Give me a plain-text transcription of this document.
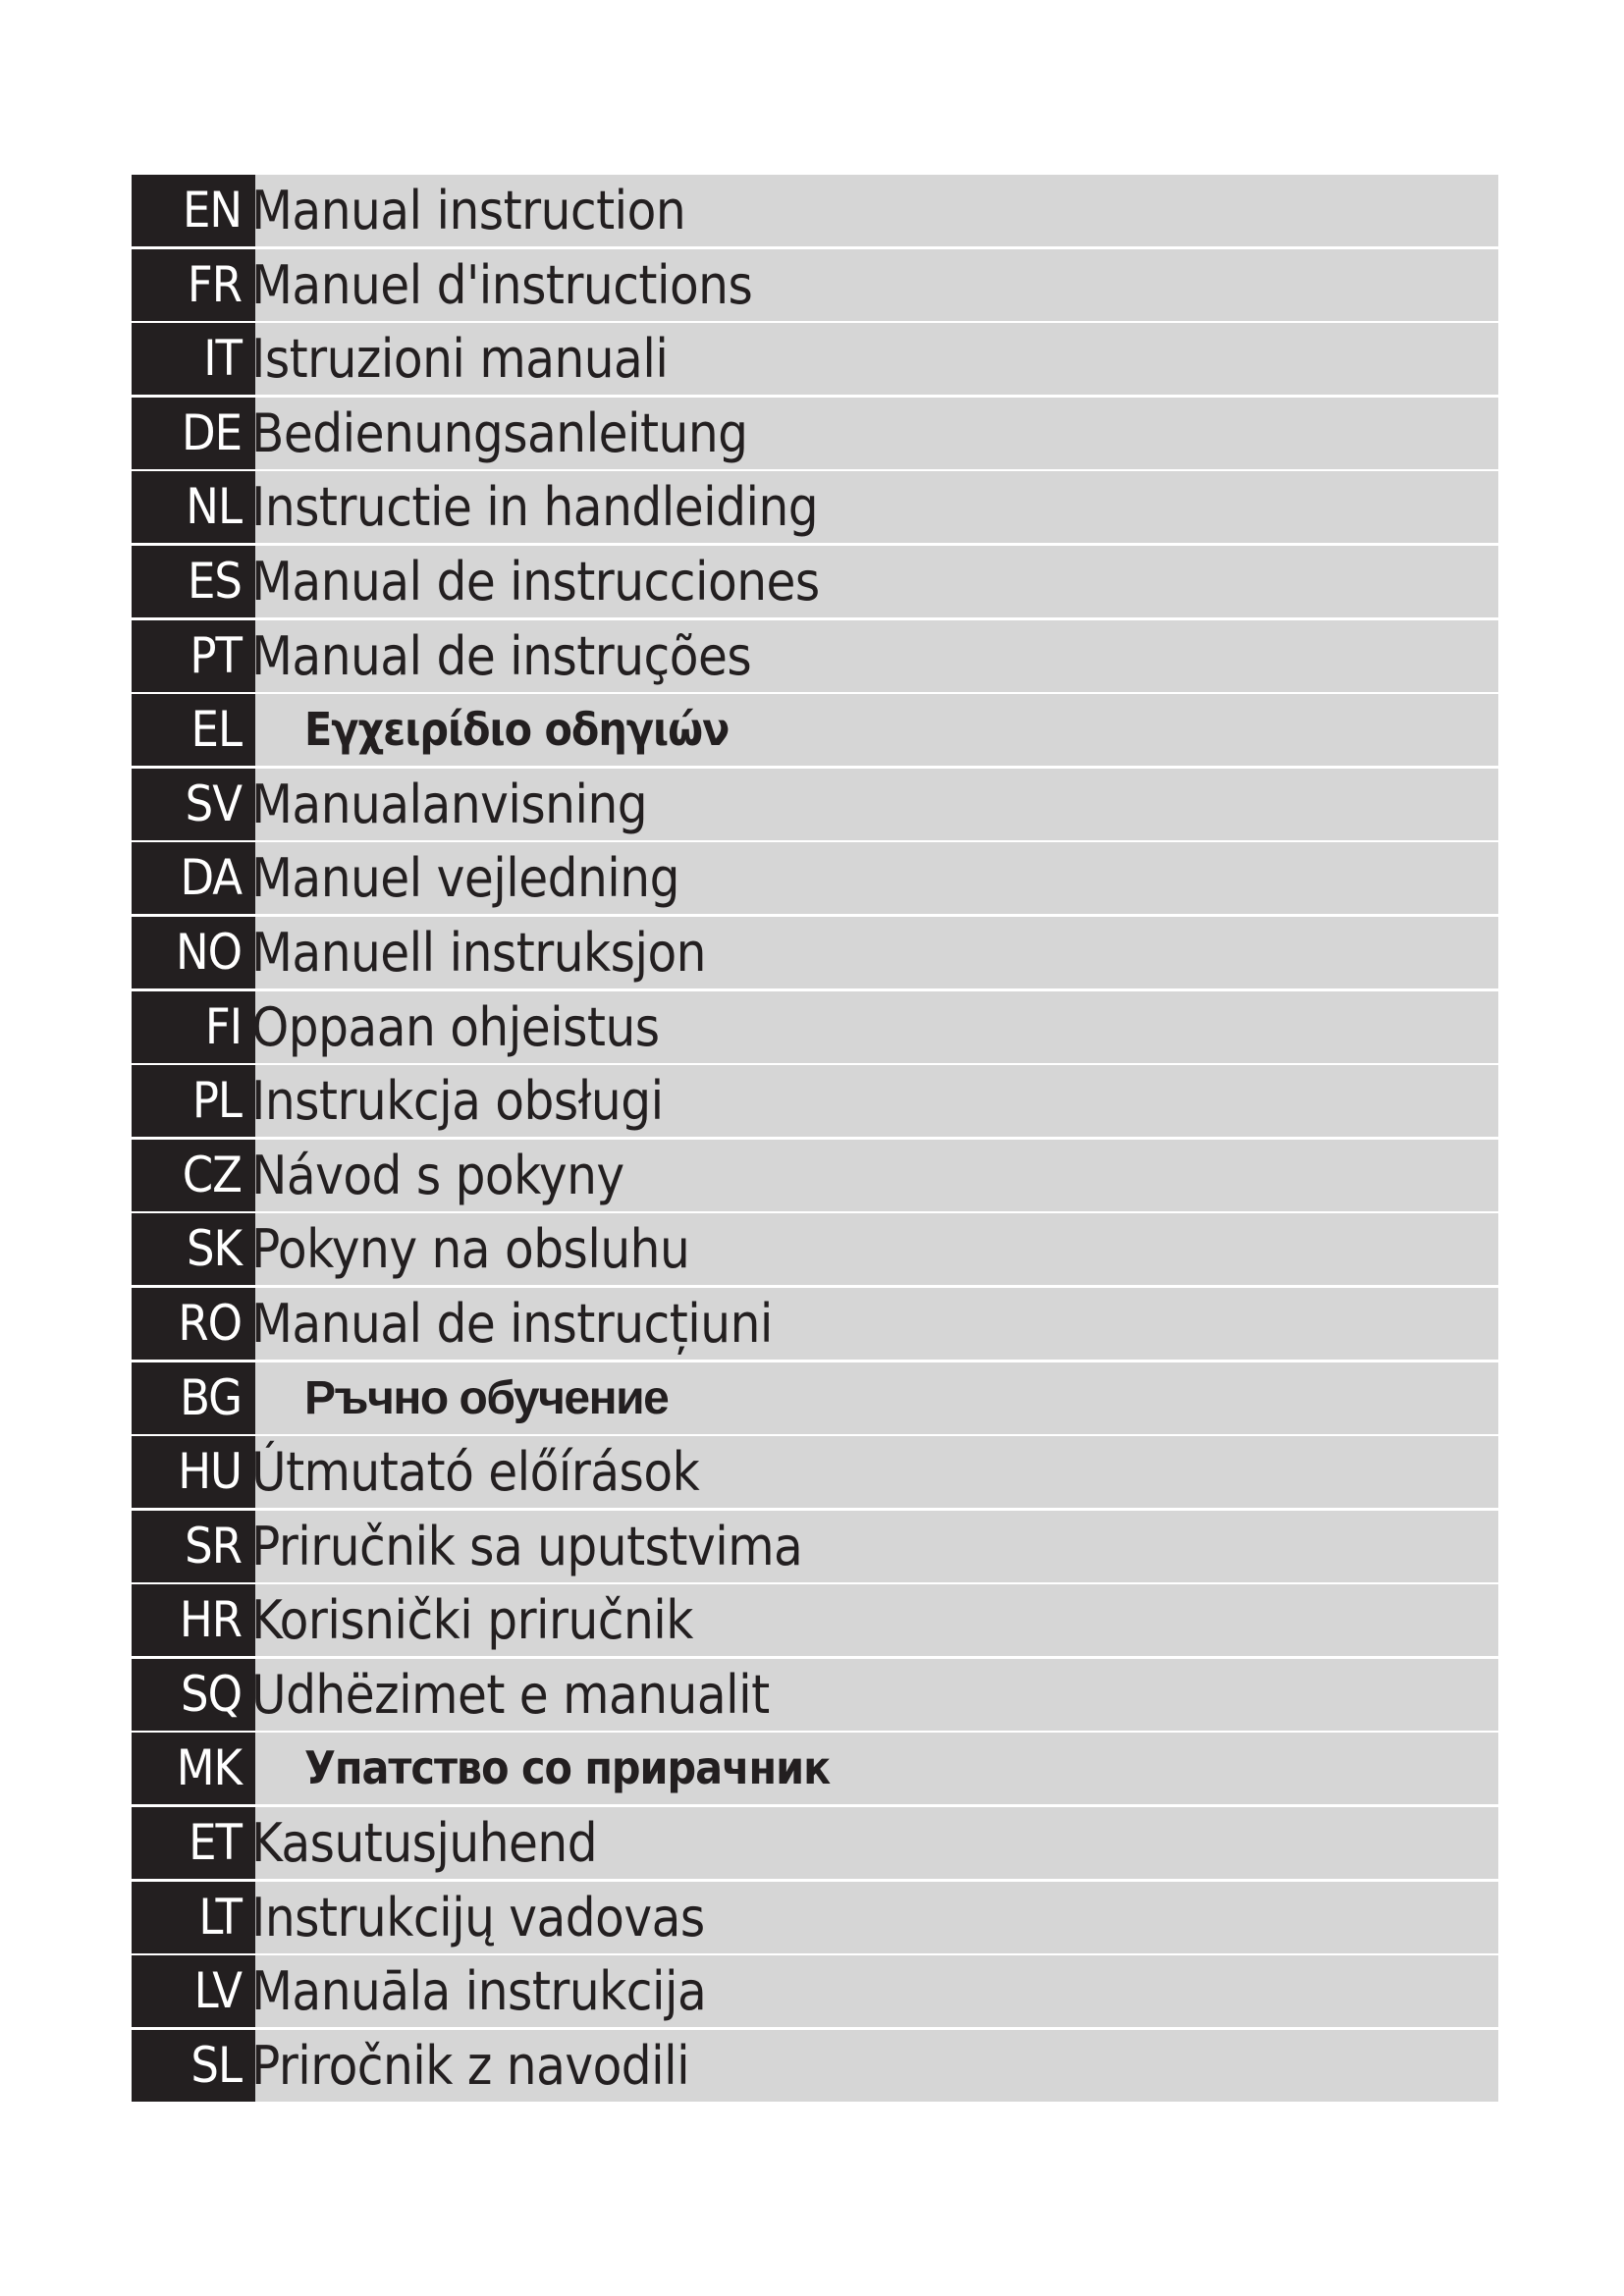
EN Manual instruction
FR Manuel d'instructions
IT Istruzioni manuali
DE Bedienungsanleitung
NL Instructie in handleiding
ES Manual de instrucciones
PT Manual de instruções
EL	Εγχειρίδιο οδηγιών
SV Manualanvisning
DA Manuel vejledning
NO Manuell instruksjon
FI Oppaan ohjeistus
PL Instrukcja obsługi
CZ Návod s pokyny
SK Pokyny na obsluhu
RO Manual de instrucțiuni
BG	Ръчно обучение
HU Útmutató előírások
SR Priručnik sa uputstvima
HR Korisnički priručnik
SQ Udhëzimet e manualit
MK	Упатство со прирачник
ET Kasutusjuhend
LT Instrukcijų vadovas
LV Manuāla instrukcija
SL Priročnik z navodili
